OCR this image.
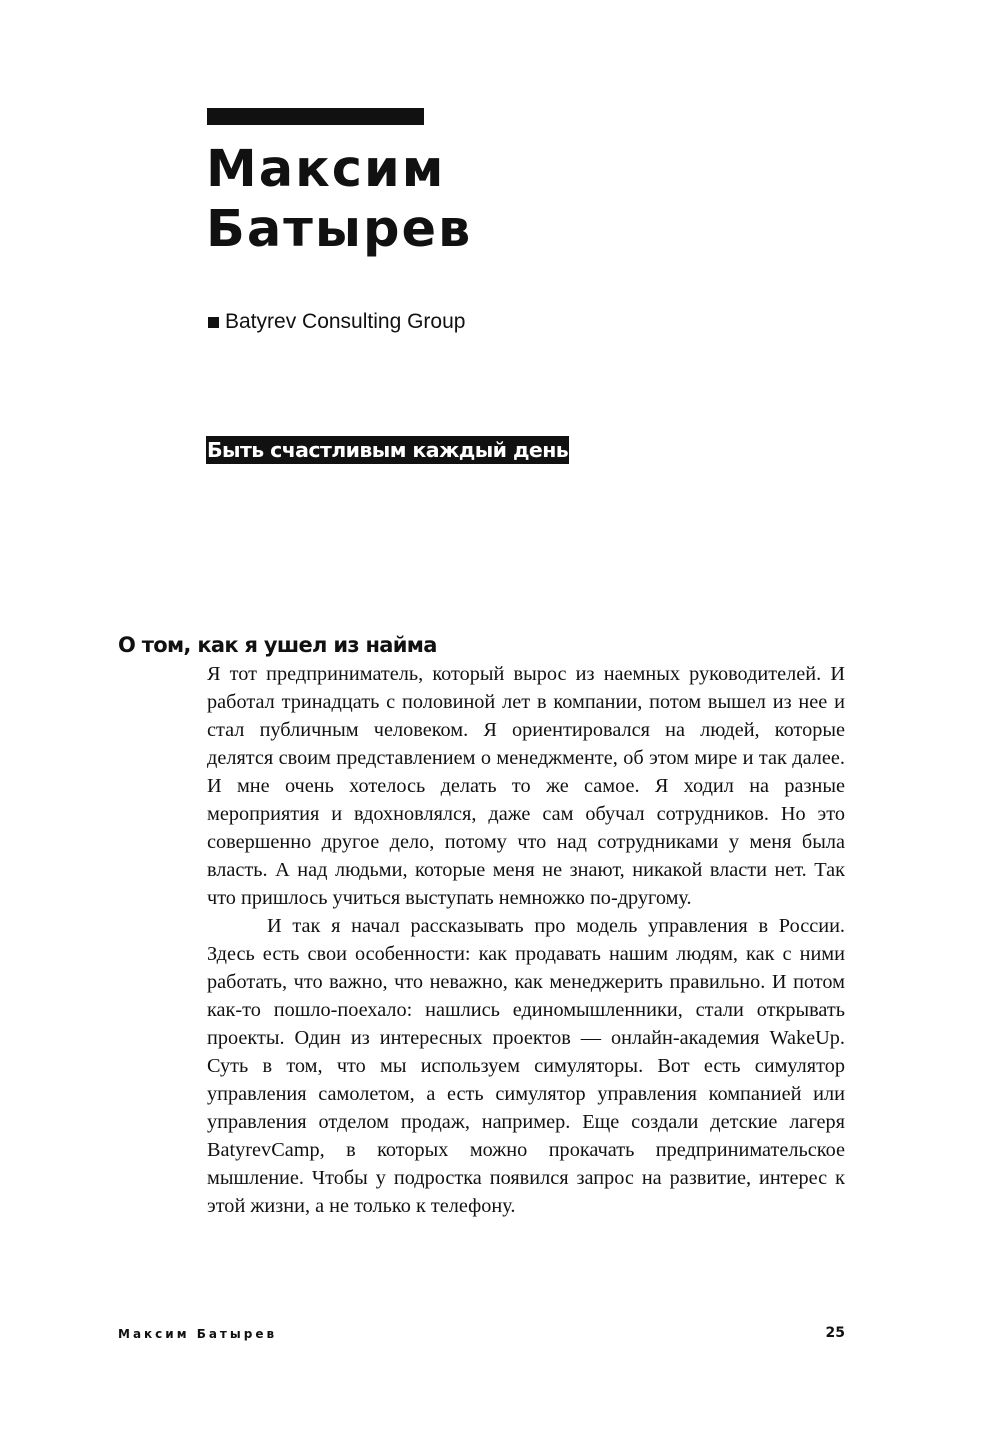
Максим
Батырев
Batyrev Consulting Group
Быть счастливым каждый день
О том, как я ушел из найма

Я тот предприниматель, который вырос из наемных руководителей. И работал тринадцать с половиной лет в компании, потом вышел из нее и стал публичным человеком. Я ориентировался на людей, которые делятся своим представлением о менеджменте, об этом мире и так далее. И мне очень хотелось делать то же самое. Я ходил на разные мероприятия и вдохновлялся, даже сам обучал сотрудников. Но это совершенно другое дело, потому что над сотрудниками у меня была власть. А над людьми, которые меня не знают, никакой власти нет. Так что пришлось учиться выступать немножко по-другому.

И так я начал рассказывать про модель управления в России. Здесь есть свои особенности: как продавать нашим людям, как с ними работать, что важно, что неважно, как менеджерить правильно. И потом как-то пошло-поехало: нашлись единомышленники, стали открывать проекты. Один из интересных проектов — онлайн-академия WakeUp. Суть в том, что мы используем симуляторы. Вот есть симулятор управления самолетом, а есть симулятор управления компанией или управления отделом продаж, например. Еще создали детские лагеря BatyrevCamp, в которых можно прокачать предпринимательское мышление. Чтобы у подростка появился запрос на развитие, интерес к этой жизни, а не только к телефону.

Максим Батырев	25
